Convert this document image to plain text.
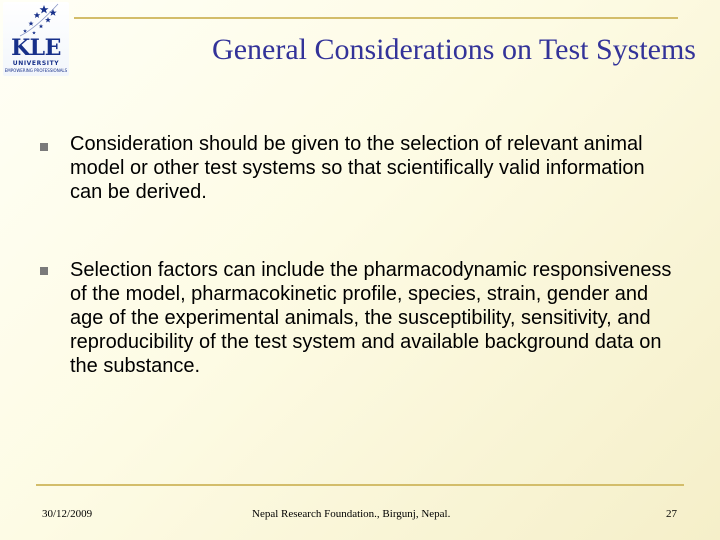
KLE
UNIVERSITY
EMPOWERING PROFESSIONALS
General Considerations on Test Systems
Consideration should be given to the selection of relevant animal model or other test systems so that scientifically valid information can be derived.
Selection factors can include the pharmacodynamic responsiveness of the model, pharmacokinetic profile, species, strain, gender and age of the experimental animals, the susceptibility, sensitivity, and reproducibility of the test system and available background data on the substance.
30/12/2009	Nepal Research Foundation., Birgunj, Nepal.	27
